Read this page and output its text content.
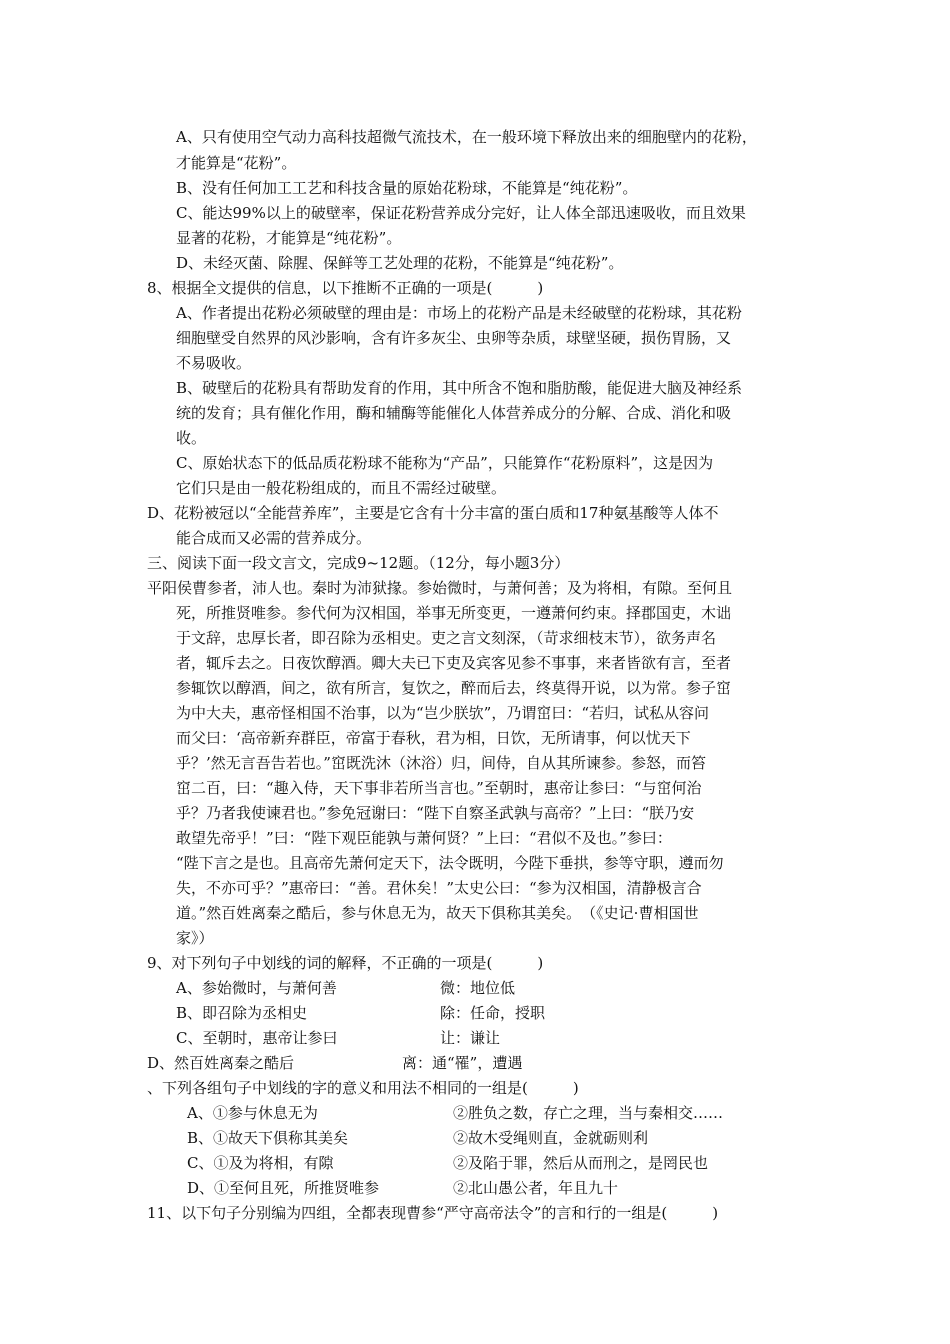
A、只有使用空气动力高科技超微气流技术，在一般环境下释放出来的细胞壁内的花粉，
才能算是“花粉”。
B、没有任何加工工艺和科技含量的原始花粉球，不能算是“纯花粉”。
C、能达99%以上的破壁率，保证花粉营养成分完好，让人体全部迅速吸收，而且效果
显著的花粉，才能算是“纯花粉”。
D、未经灭菌、除腥、保鲜等工艺处理的花粉，不能算是“纯花粉”。
8、根据全文提供的信息，以下推断不正确的一项是(　　　)
A、作者提出花粉必须破壁的理由是：市场上的花粉产品是未经破壁的花粉球，其花粉
细胞壁受自然界的风沙影响，含有许多灰尘、虫卵等杂质，球壁坚硬，损伤胃肠，又
不易吸收。
B、破壁后的花粉具有帮助发育的作用，其中所含不饱和脂肪酸，能促进大脑及神经系
统的发育；具有催化作用，酶和辅酶等能催化人体营养成分的分解、合成、消化和吸
收。
C、原始状态下的低品质花粉球不能称为“产品”，只能算作“花粉原料”，这是因为
它们只是由一般花粉组成的，而且不需经过破壁。
D、花粉被冠以“全能营养库”，主要是它含有十分丰富的蛋白质和17种氨基酸等人体不
能合成而又必需的营养成分。
三、阅读下面一段文言文，完成9~12题。（12分，每小题3分）
平阳侯曹参者，沛人也。秦时为沛狱掾。参始微时，与萧何善；及为将相，有隙。至何且
死，所推贤唯参。参代何为汉相国，举事无所变更，一遵萧何约束。择郡国吏，木诎
于文辞，忠厚长者，即召除为丞相史。吏之言文刻深，（苛求细枝末节），欲务声名
者，辄斥去之。日夜饮醇酒。卿大夫已下吏及宾客见参不事事，来者皆欲有言，至者
参辄饮以醇酒，间之，欲有所言，复饮之，醉而后去，终莫得开说，以为常。参子窋
为中大夫，惠帝怪相国不治事，以为“岂少朕欤”，乃谓窋曰：“若归，试私从容问
而父曰：‘高帝新弃群臣，帝富于春秋，君为相，日饮，无所请事，何以忧天下
乎？’然无言吾告若也。”窋既洗沐（沐浴）归，间侍，自从其所谏参。参怒，而笞
窋二百，曰：“趣入侍，天下事非若所当言也。”至朝时，惠帝让参曰：“与窋何治
乎？乃者我使谏君也。”参免冠谢曰：“陛下自察圣武孰与高帝？”上曰：“朕乃安
敢望先帝乎！”曰：“陛下观臣能孰与萧何贤？”上曰：“君似不及也。”参曰：
“陛下言之是也。且高帝先萧何定天下，法令既明，今陛下垂拱，参等守职，遵而勿
失，不亦可乎？”惠帝曰：“善。君休矣！”太史公曰：“参为汉相国，清静极言合
道。”然百姓离秦之酷后，参与休息无为，故天下俱称其美矣。　（《史记·曹相国世
家》）
9、对下列句子中划线的词的解释，不正确的一项是(　　　)
A、参始微时，与萧何善	微：地位低
B、即召除为丞相史	除：任命，授职
C、至朝时，惠帝让参曰	让：谦让
D、然百姓离秦之酷后	离：通“罹”，遭遇
、下列各组句子中划线的字的意义和用法不相同的一组是(　　　)
A、①参与休息无为	②胜负之数，存亡之理，当与秦相交……
B、①故天下俱称其美矣	②故木受绳则直，金就砺则利
C、①及为将相，有隙	②及陷于罪，然后从而刑之，是罔民也
D、①至何且死，所推贤唯参	②北山愚公者，年且九十
11、以下句子分别编为四组，全都表现曹参“严守高帝法令”的言和行的一组是(　　　)
